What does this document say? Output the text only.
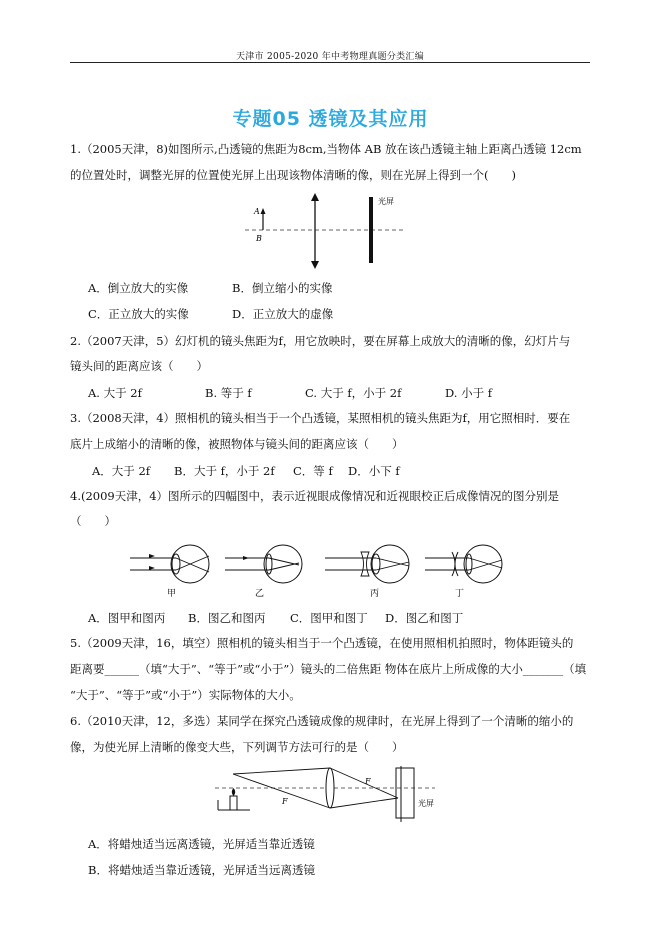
天津市 2005-2020 年中考物理真题分类汇编
专题05 透镜及其应用
1.（2005天津，8)如图所示,凸透镜的焦距为8cm,当物体 AB 放在该凸透镜主轴上距离凸透镜 12cm
的位置处时，调整光屏的位置使光屏上出现该物体清晰的像，则在光屏上得到一个(　　)
A
B
光屏
A．倒立放大的实像	B．倒立缩小的实像
C．正立放大的实像	D．正立放大的虚像
2.（2007天津，5）幻灯机的镜头焦距为f，用它放映时，要在屏幕上成放大的清晰的像，幻灯片与
镜头间的距离应该（　　）
A. 大于 2f	B. 等于 f	C. 大于 f，小于 2f	D. 小于 f
3.（2008天津，4）照相机的镜头相当于一个凸透镜，某照相机的镜头焦距为f，用它照相时．要在
底片上成缩小的清晰的像，被照物体与镜头间的距离应该（　　）
A．大于 2f B．大于 f，小于 2f C．等 f D．小下 f
4.(2009天津，4）图所示的四幅图中，表示近视眼成像情况和近视眼校正后成像情况的图分别是
（　　）
甲	乙	丙	丁
A．图甲和图丙 B．图乙和图丙 C．图甲和图丁 D．图乙和图丁
5.（2009天津，16，填空）照相机的镜头相当于一个凸透镜，在使用照相机拍照时，物体距镜头的
距离要______（填“大于”、“等于”或“小于”）镜头的二倍焦距 物体在底片上所成像的大小_______（填
“大于”、“等于”或“小于”）实际物体的大小。
6.（2010天津，12，多选）某同学在探究凸透镜成像的规律时，在光屏上得到了一个清晰的缩小的
像，为使光屏上清晰的像变大些，下列调节方法可行的是（　　）
F
F
光屏
A．将蜡烛适当远离透镜，光屏适当靠近透镜
B．将蜡烛适当靠近透镜，光屏适当远离透镜
